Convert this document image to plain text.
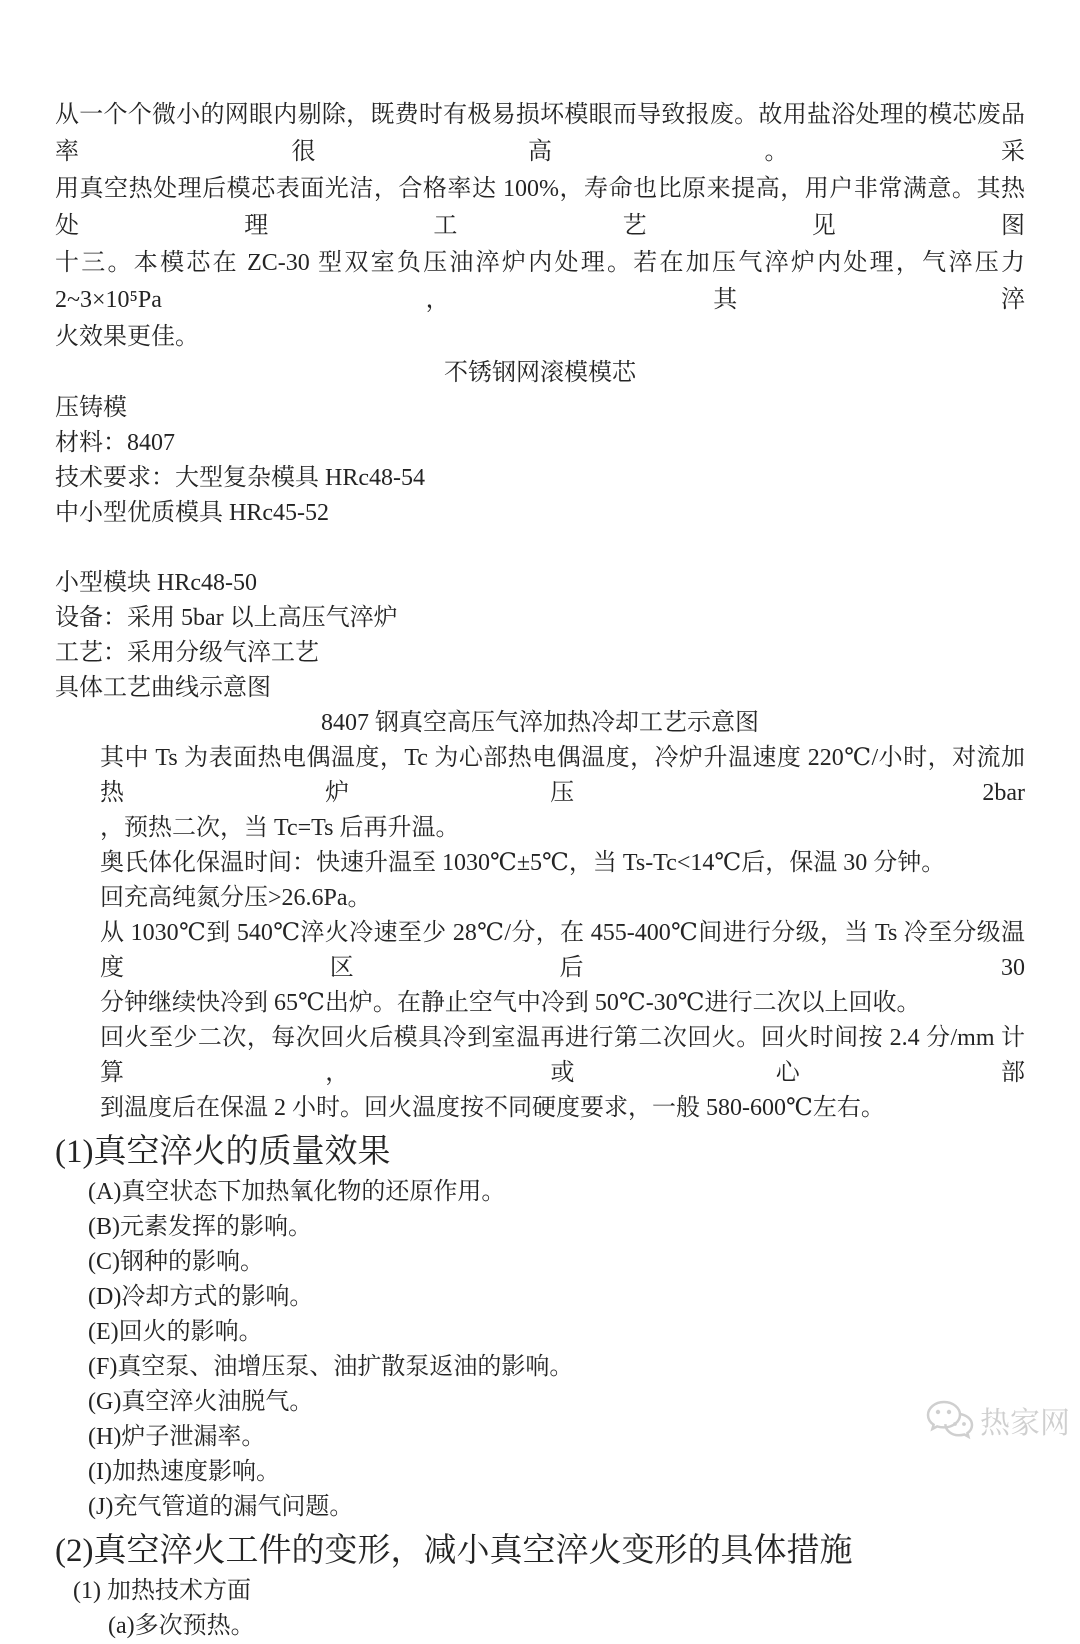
从一个个微小的网眼内剔除，既费时有极易损坏模眼而导致报废。故用盐浴处理的模芯废品率很高。采
用真空热处理后模芯表面光洁，合格率达 100%，寿命也比原来提高，用户非常满意。其热处理工艺见图
十三。本模芯在 ZC-30 型双室负压油淬炉内处理。若在加压气淬炉内处理，气淬压力 2~3×10⁵Pa，其淬
火效果更佳。
不锈钢网滚模模芯
压铸模
材料：8407
技术要求：大型复杂模具 HRc48-54
中小型优质模具 HRc45-52
小型模块 HRc48-50
设备：采用 5bar 以上高压气淬炉
工艺：采用分级气淬工艺
具体工艺曲线示意图
8407 钢真空高压气淬加热冷却工艺示意图
其中 Ts 为表面热电偶温度，Tc 为心部热电偶温度，冷炉升温速度 220℃/小时，对流加热炉压 2bar
，预热二次，当 Tc=Ts 后再升温。
奥氏体化保温时间：快速升温至 1030℃±5℃，当 Ts-Tc<14℃后，保温 30 分钟。
回充高纯氮分压>26.6Pa。
从 1030℃到 540℃淬火冷速至少 28℃/分，在 455-400℃间进行分级，当 Ts 冷至分级温度区后 30
分钟继续快冷到 65℃出炉。在静止空气中冷到 50℃-30℃进行二次以上回收。
回火至少二次，每次回火后模具冷到室温再进行第二次回火。回火时间按 2.4 分/mm 计算，或心部
到温度后在保温 2 小时。回火温度按不同硬度要求，一般 580-600℃左右。
(1)真空淬火的质量效果
(A)真空状态下加热氧化物的还原作用。
(B)元素发挥的影响。
(C)钢种的影响。
(D)冷却方式的影响。
(E)回火的影响。
(F)真空泵、油增压泵、油扩散泵返油的影响。
(G)真空淬火油脱气。
(H)炉子泄漏率。
(I)加热速度影响。
(J)充气管道的漏气问题。
(2)真空淬火工件的变形，减小真空淬火变形的具体措施
(1) 加热技术方面
(a)多次预热。
热家网
